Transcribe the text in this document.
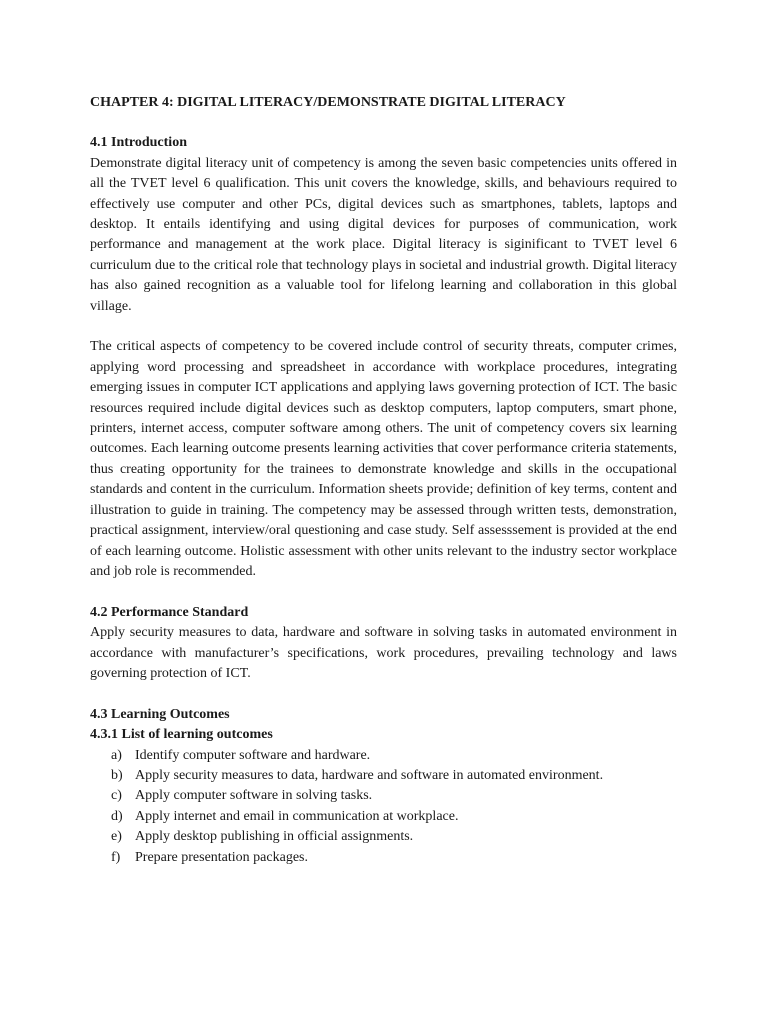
CHAPTER 4: DIGITAL LITERACY/DEMONSTRATE DIGITAL LITERACY
4.1 Introduction

Demonstrate digital literacy unit of competency is among the seven basic competencies units offered in all the TVET level 6 qualification. This unit covers the knowledge, skills, and behaviours required to effectively use computer and other PCs, digital devices such as smartphones, tablets, laptops and desktop. It entails identifying and using digital devices for purposes of communication, work performance and management at the work place. Digital literacy is siginificant to TVET level 6 curriculum due to the critical role that technology plays in societal and industrial growth. Digital literacy has also gained recognition as a valuable tool for lifelong learning and collaboration in this global village.

The critical aspects of competency to be covered include control of security threats, computer crimes, applying word processing and spreadsheet in accordance with workplace procedures, integrating emerging issues in computer ICT applications and applying laws governing protection of ICT. The basic resources required include digital devices such as desktop computers, laptop computers, smart phone, printers, internet access, computer software among others. The unit of competency covers six learning outcomes. Each learning outcome presents learning activities that cover performance criteria statements, thus creating opportunity for the trainees to demonstrate knowledge and skills in the occupational standards and content in the curriculum. Information sheets provide; definition of key terms, content and illustration to guide in training. The competency may be assessed through written tests, demonstration, practical assignment, interview/oral questioning and case study. Self assesssement is provided at the end of each learning outcome. Holistic assessment with other units relevant to the industry sector workplace and job role is recommended.

4.2 Performance Standard

Apply security measures to data, hardware and software in solving tasks in automated environment in accordance with manufacturer’s specifications, work procedures, prevailing technology and laws governing protection of ICT.

4.3 Learning Outcomes
4.3.1 List of learning outcomes
a) Identify computer software and hardware.
b) Apply security measures to data, hardware and software in automated environment.
c) Apply computer software in solving tasks.
d) Apply internet and email in communication at workplace.
e) Apply desktop publishing in official assignments.
f)	Prepare presentation packages.
